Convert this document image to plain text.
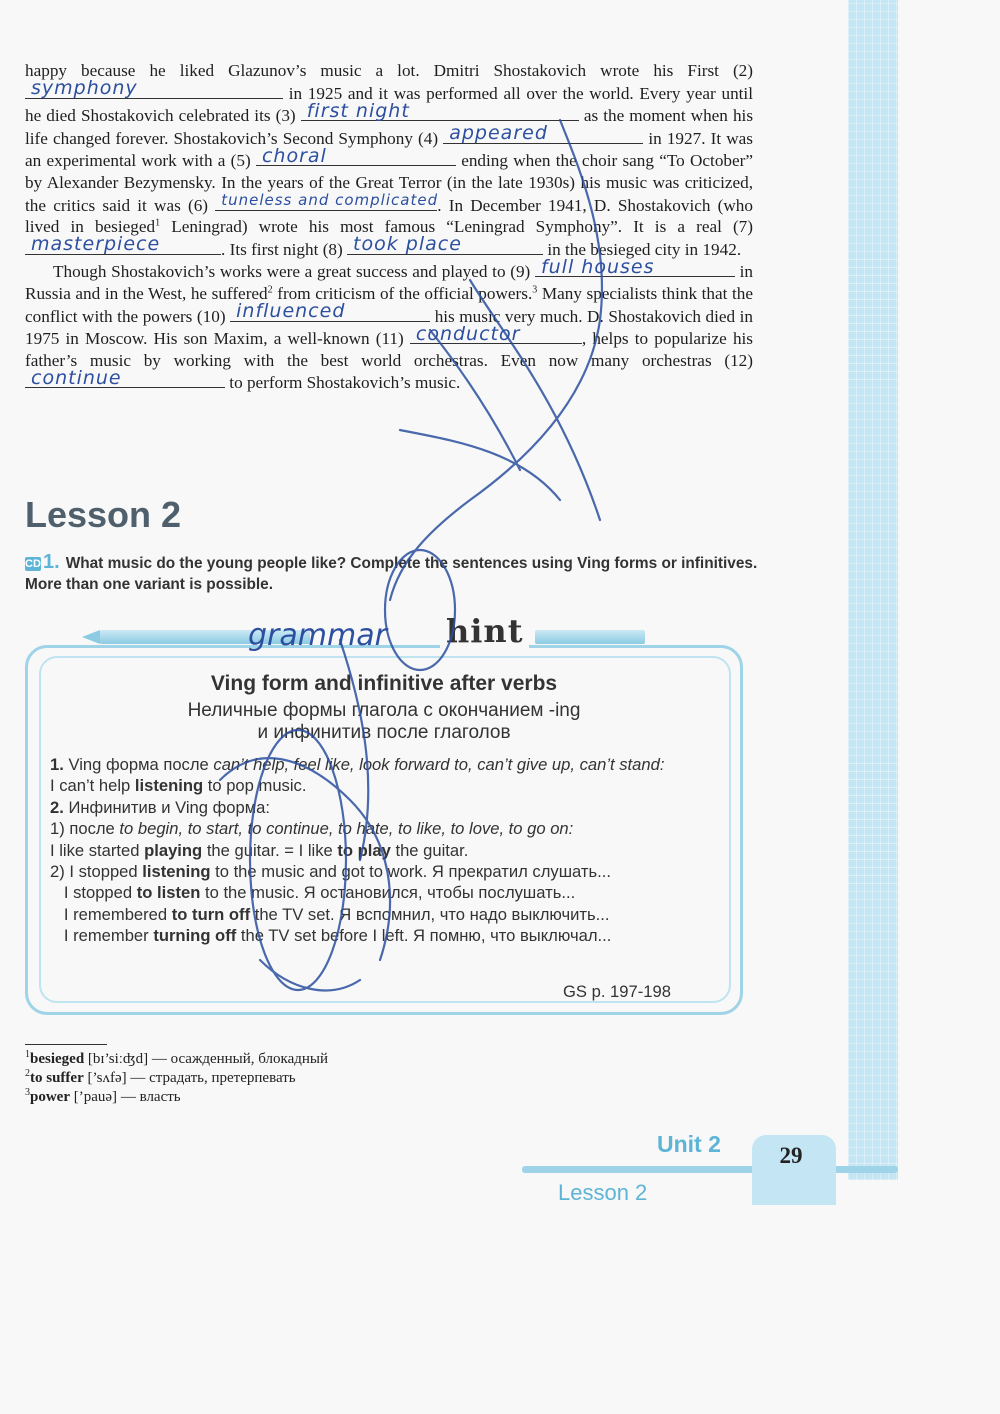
happy because he liked Glazunov’s music a lot. Dmitri Shostakovich wrote his First (2)
symphony	in 1925 and it was performed all over the world. Every year until he died Shostakovich celebrated its (3) first night	as the moment when his life changed forever. Shostakovich’s Second Symphony (4) appeared	in 1927. It was an experimental work with a (5) choral	ending when the choir sang “To October” by Alexander Bezymensky. In the years of the Great Terror (in the late 1930s) his music was criticized, the critics said it was (6) tuneless and complicated . In December 1941, D. Shostakovich (who lived in besieged$^1$ Leningrad) wrote his most famous “Leningrad Symphony”. It is a real (7)
masterpiece	. Its first night (8) took place	in the besieged city in 1942.

Though Shostakovich’s works were a great success and played to (9) full houses	in Russia and in the West, he suffered$^2$ from criticism of the official powers.$^3$ Many specialists think that the conflict with the powers (10) influenced	his music very much. D. Shostakovich died in 1975 in Moscow. His son Maxim, a well-known (11) conductor	, helps to popularize his father’s music by working with the best world orchestras. Even now many orchestras (12)
continue	to perform Shostakovich’s music.

Lesson 2
CD 1. What music do the young people like? Complete the sentences using Ving forms or infinitives. More than one variant is possible.
grammar hint
Ving form and infinitive after verbs
Неличные формы глагола с окончанием -ing
и инфинитив после глаголов

1. Ving форма после can’t help, feel like, look forward to, can’t give up, can’t stand:

I can’t help listening to pop music.

2. Инфинитив и Ving форма:

1) после to begin, to start, to continue, to hate, to like, to love, to go on:

I like started playing the guitar. = I like to play the guitar.

2) I stopped listening to the music and got to work. Я прекратил слушать...

I stopped to listen to the music. Я остановился, чтобы послушать...

I remembered to turn off the TV set. Я вспомнил, что надо выключить...

I remember turning off the TV set before I left. Я помню, что выключал...

GS p. 197-198

$^1$besieged [bɪ’siːʤd] — осажденный, блокадный

$^2$to suffer [’sʌfə] — страдать, претерпевать

$^3$power [’pauə] — власть

Unit 2
Lesson 2
29
